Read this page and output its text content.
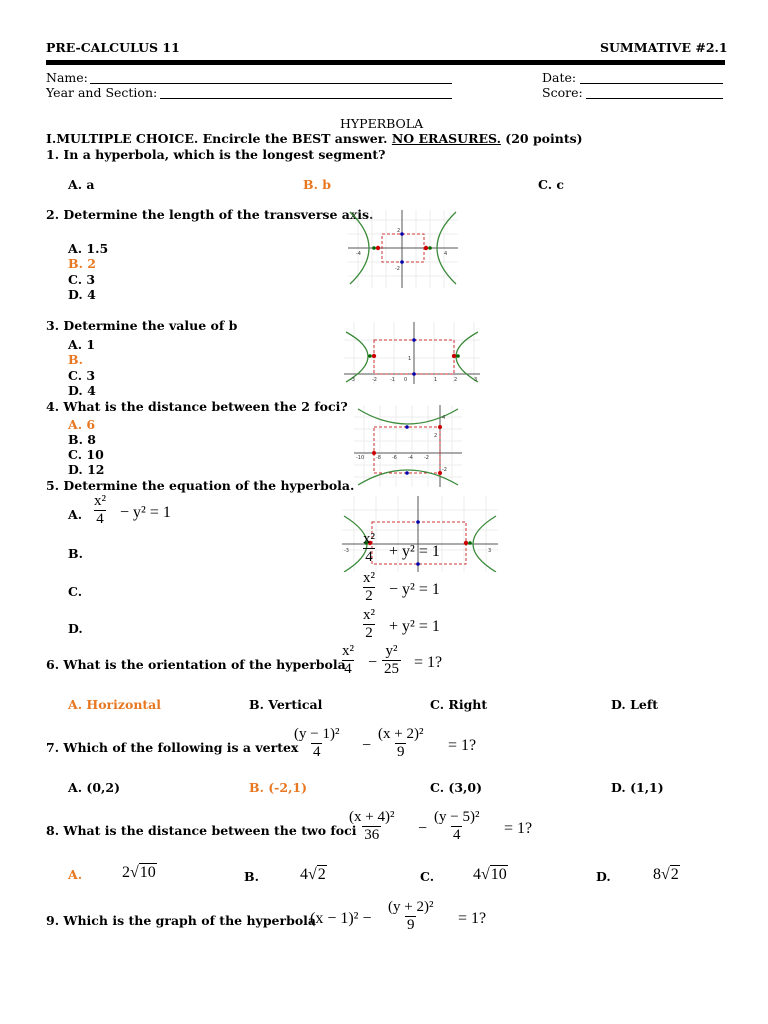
PRE-CALCULUS 11	SUMMATIVE #2.1
Name:	Date:
Year and Section:	Score:
HYPERBOLA
I.MULTIPLE CHOICE. Encircle the BEST answer. NO ERASURES. (20 points)
1. In a hyperbola, which is the longest segment?
A. a	B. b	C. c
2. Determine the length of the transverse axis.
A. 1.5
B. 2
C. 3
D. 4
-4	4
2
-2
3. Determine the value of b
A. 1
B.
C. 3
D. 4
-3	-2	-1 0	1	2	3
1
4. What is the distance between the 2 foci?
A. 6
B. 8
C. 10
D. 12
-10 -8 -6 -4 -2
2
-2
4
5. Determine the equation of the hyperbola.
-3	3
A. $\frac{\text{x²}}{4} - y^2 = 1$
B.	$\frac{\text{x²}}{4} + y^2 = 1$
C.	$\frac{\text{x²}}{2} - y^2 = 1$
D.	$\frac{\text{x²}}{2} + y^2 = 1$
6. What is the orientation of the hyperbola
$\frac{\text{x²}}{4} - \frac{\text{y²}}{25} = 1$?
A. Horizontal	B. Vertical	C. Right	D. Left
7. Which of the following is a vertex
$\frac{\text{(y − 1)²}}{4} - \frac{\text{(x + 2)²}}{9} = 1$?
A. (0,2)	B. (-2,1)	C. (3,0)	D. (1,1)
8. What is the distance between the two foci
$\frac{\text{(x + 4)²}}{36} - \frac{\text{(y − 5)²}}{4} = 1$?
A. 2√10	B.	4√2	C. 4√10	D.	8√2
9. Which is the graph of the hyperbola
$(x - 1)^2 - \frac{\text{(y + 2)²}}{9} = 1$?
